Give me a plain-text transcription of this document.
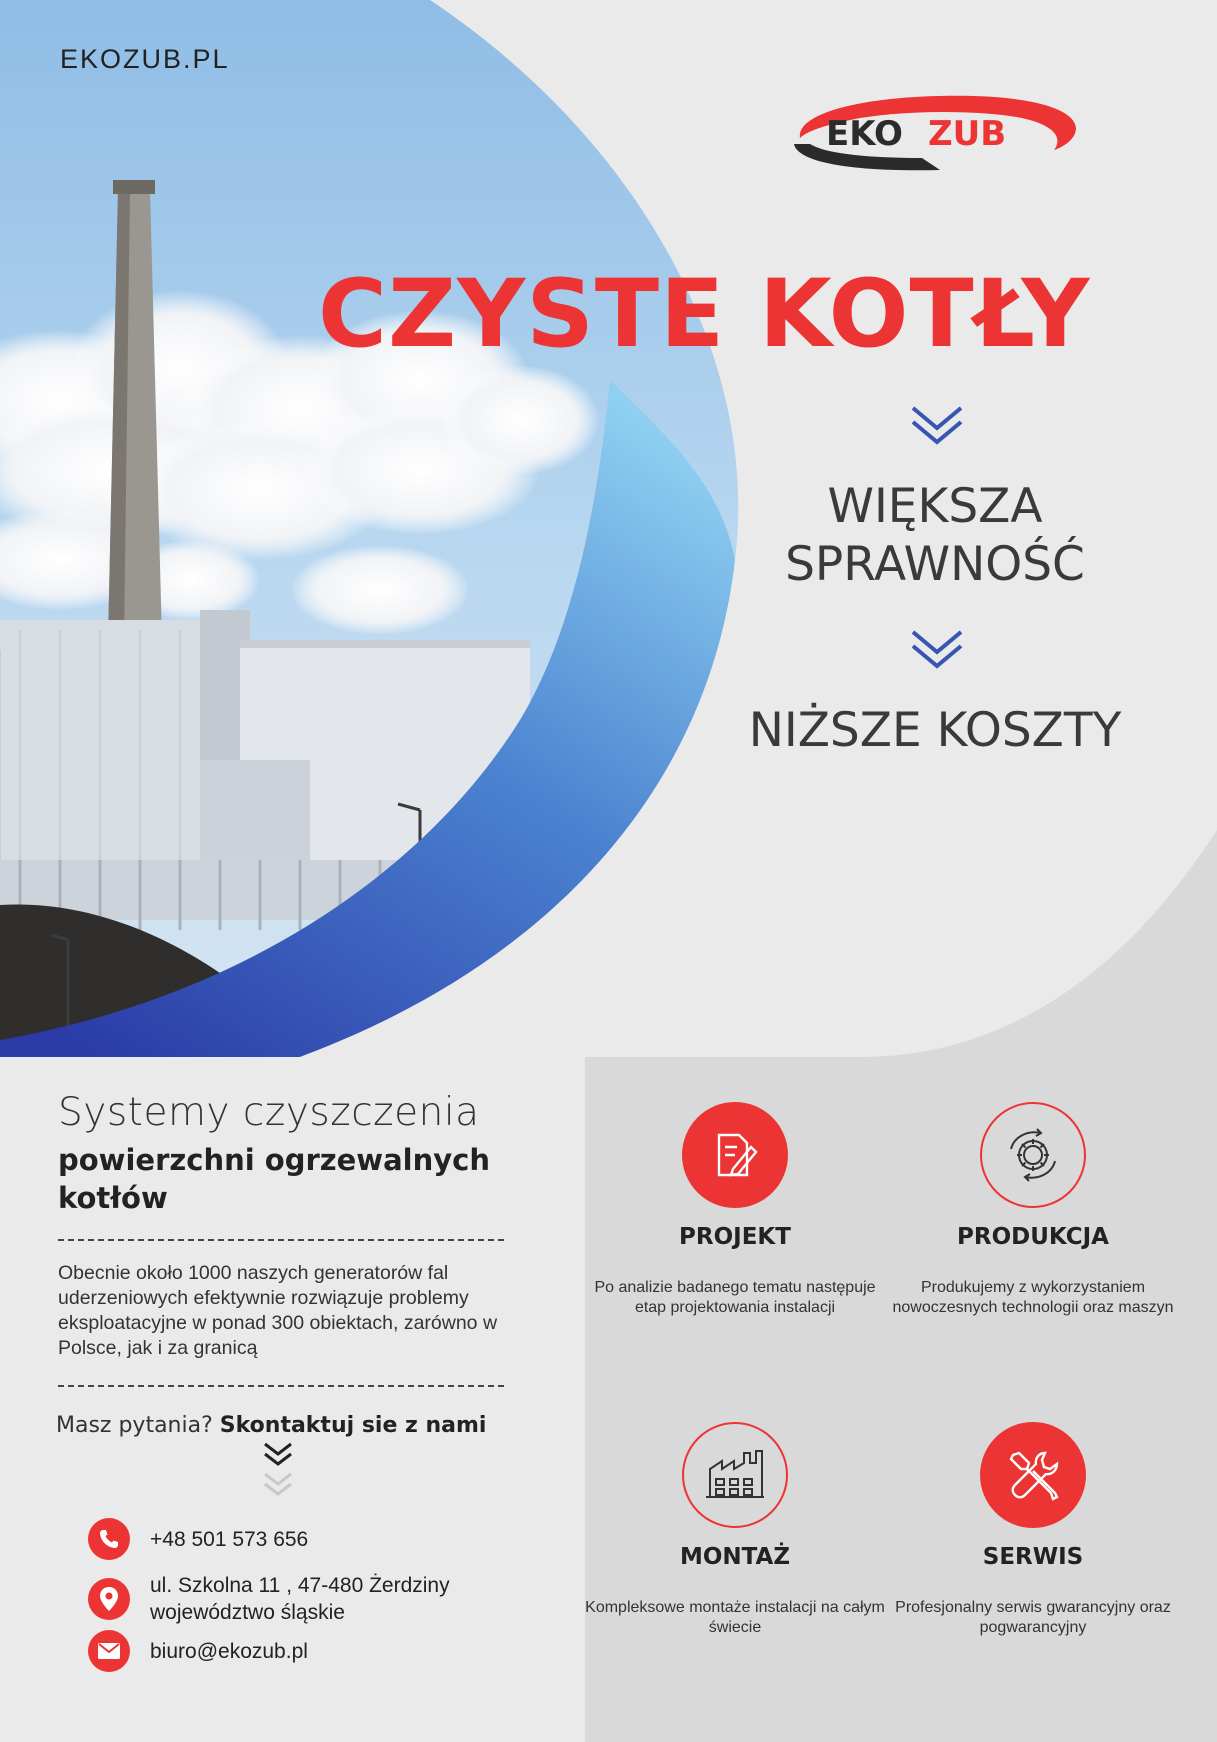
EKOZUB.PL
EKO ZUB
CZYSTE KOTŁY
WIĘKSZA
SPRAWNOŚĆ
NIŻSZE KOSZTY
Systemy czyszczenia
powierzchni ogrzewalnych kotłów
Obecnie około 1000 naszych generatorów fal uderzeniowych efektywnie rozwiązuje problemy eksploatacyjne w ponad 300 obiektach, zarówno w Polsce, jak i za granicą
Masz pytania? Skontaktuj sie z nami
+48 501 573 656
ul. Szkolna 11 , 47-480 Żerdziny
województwo śląskie
biuro@ekozub.pl
PROJEKT
Po analizie badanego tematu następuje etap projektowania instalacji
PRODUKCJA
Produkujemy z wykorzystaniem nowoczesnych technologii oraz maszyn
MONTAŻ
Kompleksowe montaże instalacji na całym świecie
SERWIS
Profesjonalny serwis gwarancyjny oraz pogwarancyjny
